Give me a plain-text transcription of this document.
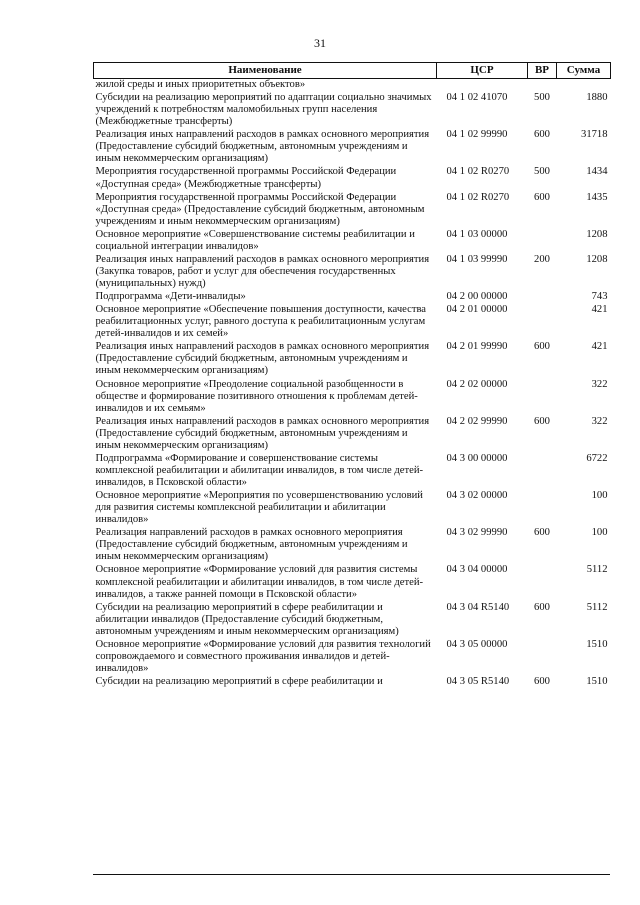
31
Наименование	ЦСР	ВР	Сумма
жилой среды и иных приоритетных объектов»			
Субсидии на реализацию мероприятий по адаптации социально значимых учреждений к потребностям маломобильных групп населения (Межбюджетные трансферты)	04 1 02 41070	500	1880
Реализация иных направлений расходов в рамках основного мероприятия (Предоставление субсидий бюджетным, автономным учреждениям и иным некоммерческим организациям)	04 1 02 99990	600	31718
Мероприятия государственной программы Российской Федерации «Доступная среда» (Межбюджетные трансферты)	04 1 02 R0270	500	1434
Мероприятия государственной программы Российской Федерации «Доступная среда» (Предоставление субсидий бюджетным, автономным учреждениям и иным некоммерческим организациям)	04 1 02 R0270	600	1435
Основное мероприятие «Совершенствование системы реабилитации и социальной интеграции инвалидов»	04 1 03 00000		1208
Реализация иных направлений расходов в рамках основного мероприятия (Закупка товаров, работ и услуг для обеспечения государственных (муниципальных) нужд)	04 1 03 99990	200	1208
Подпрограмма «Дети-инвалиды»	04 2 00 00000		743
Основное мероприятие «Обеспечение повышения доступности, качества реабилитационных услуг, равного доступа к реабилитационным услугам детей-инвалидов и их семей»	04 2 01 00000		421
Реализация иных направлений расходов в рамках основного мероприятия (Предоставление субсидий бюджетным, автономным учреждениям и иным некоммерческим организациям)	04 2 01 99990	600	421
Основное мероприятие «Преодоление социальной разобщенности в обществе и формирование позитивного отношения к проблемам детей-инвалидов и их семьям»	04 2 02 00000		322
Реализация иных направлений расходов в рамках основного мероприятия (Предоставление субсидий бюджетным, автономным учреждениям и иным некоммерческим организациям)	04 2 02 99990	600	322
Подпрограмма «Формирование и совершенствование системы комплексной реабилитации и абилитации инвалидов, в том числе детей-инвалидов, в Псковской области»	04 3 00 00000		6722
Основное мероприятие «Мероприятия по усовершенствованию условий для развития системы комплексной реабилитации и абилитации инвалидов»	04 3 02 00000		100
Реализация направлений расходов в рамках основного мероприятия (Предоставление субсидий бюджетным, автономным учреждениям и иным некоммерческим организациям)	04 3 02 99990	600	100
Основное мероприятие «Формирование условий для развития системы комплексной реабилитации и абилитации инвалидов, в том числе детей-инвалидов, а также ранней помощи в Псковской области»	04 3 04 00000		5112
Субсидии на реализацию мероприятий в сфере реабилитации и абилитации инвалидов (Предоставление субсидий бюджетным, автономным учреждениям и иным некоммерческим организациям)	04 3 04 R5140	600	5112
Основное мероприятие «Формирование условий для развития технологий сопровождаемого и совместного проживания инвалидов и детей-инвалидов»	04 3 05 00000		1510
Субсидии на реализацию мероприятий в сфере реабилитации и	04 3 05 R5140	600	1510
